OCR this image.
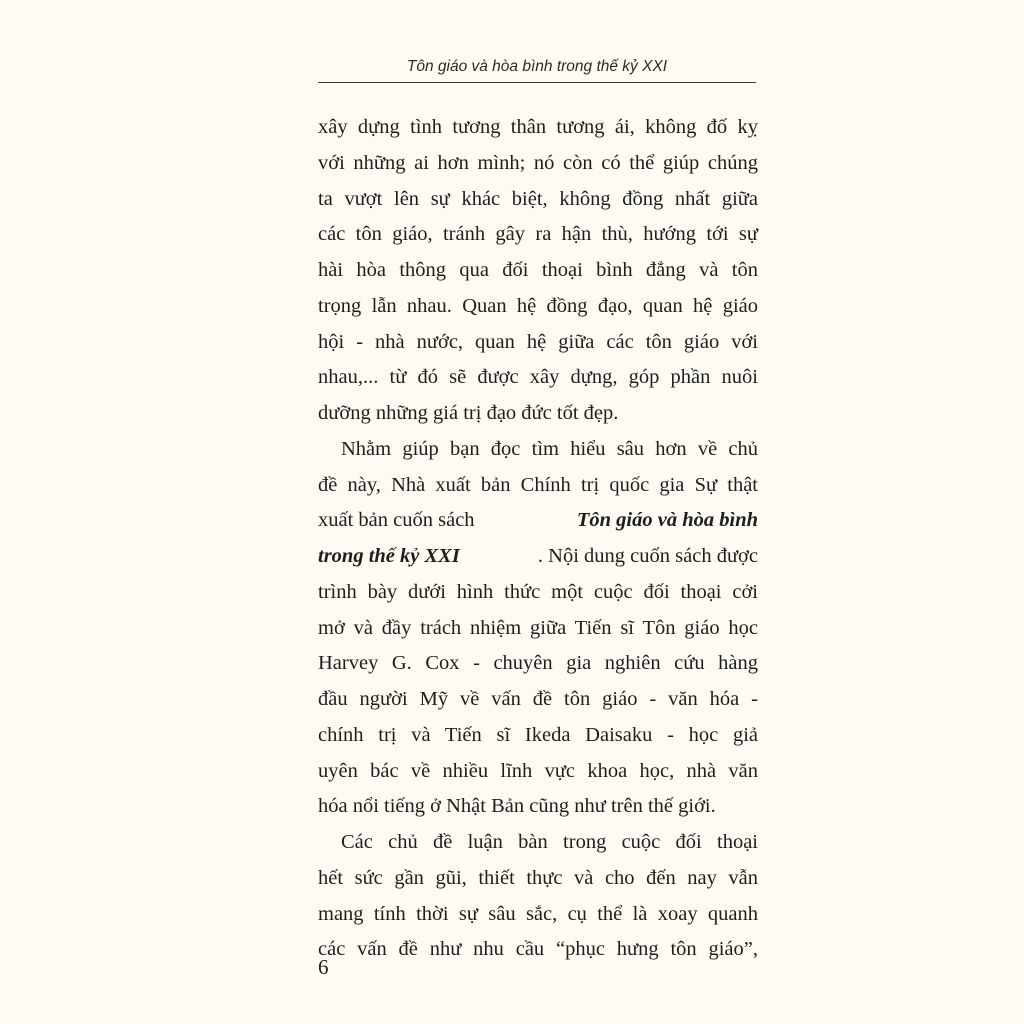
Tôn giáo và hòa bình trong thế kỷ XXI
xây dựng tình tương thân tương ái, không đố kỵ
với những ai hơn mình; nó còn có thể giúp chúng
ta vượt lên sự khác biệt, không đồng nhất giữa
các tôn giáo, tránh gây ra hận thù, hướng tới sự
hài hòa thông qua đối thoại bình đẳng và tôn
trọng lẫn nhau. Quan hệ đồng đạo, quan hệ giáo
hội - nhà nước, quan hệ giữa các tôn giáo với
nhau,... từ đó sẽ được xây dựng, góp phần nuôi
dưỡng những giá trị đạo đức tốt đẹp.
Nhằm giúp bạn đọc tìm hiểu sâu hơn về chủ
đề này, Nhà xuất bản Chính trị quốc gia Sự thật
xuất bản cuốn sách	Tôn giáo và hòa bình
trong thế kỷ XXI	. Nội dung cuốn sách được
trình bày dưới hình thức một cuộc đối thoại cởi
mở và đầy trách nhiệm giữa Tiến sĩ Tôn giáo học
Harvey G. Cox - chuyên gia nghiên cứu hàng
đầu người Mỹ về vấn đề tôn giáo - văn hóa -
chính trị và Tiến sĩ Ikeda Daisaku - học giả
uyên bác về nhiều lĩnh vực khoa học, nhà văn
hóa nổi tiếng ở Nhật Bản cũng như trên thế giới.
Các chủ đề luận bàn trong cuộc đối thoại
hết sức gần gũi, thiết thực và cho đến nay vẫn
mang tính thời sự sâu sắc, cụ thể là xoay quanh
các vấn đề như nhu cầu “phục hưng tôn giáo”,
6
